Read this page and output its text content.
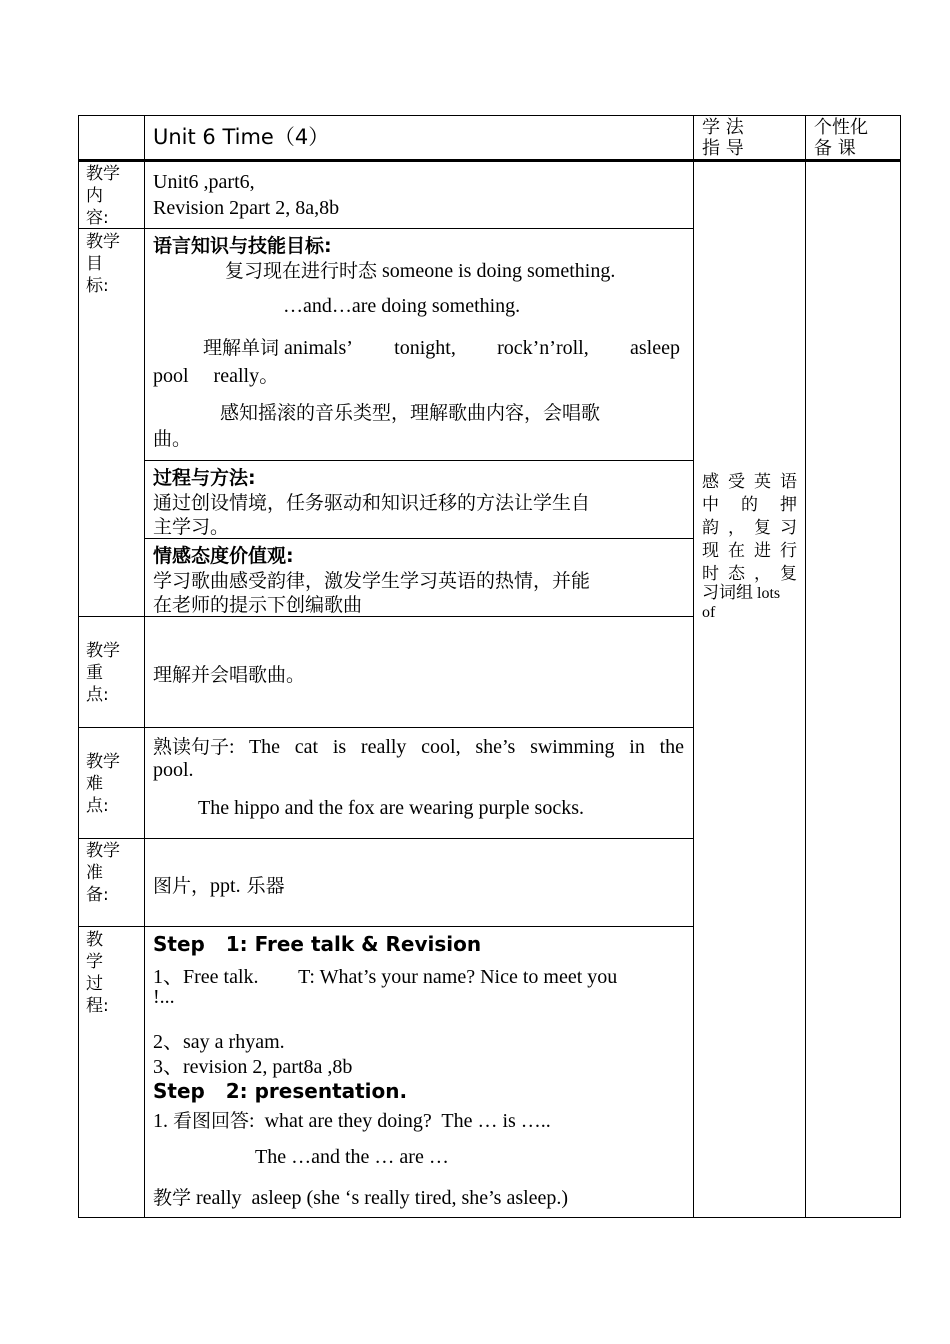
Unit 6 Time（4）	学 法
指 导
个性化
备 课
教学
内
容:
Unit6 ,part6,
Revision 2part 2, 8a,8b
教学
目
标:
语言知识与技能目标:
复习现在进行时态 someone is doing something.
…and…are doing something.
理解单词 animals’ tonight, rock’n’roll, asleep
pool     really。
感知摇滚的音乐类型，理解歌曲内容，会唱歌
曲。
过程与方法:
通过创设情境，任务驱动和知识迁移的方法让学生自
主学习。
情感态度价值观:
学习歌曲感受韵律，激发学生学习英语的热情，并能
在老师的提示下创编歌曲
感受英语
中的押
韵，复习
现在进行
时态，复
习词组 lots
of
教学
重
点:
理解并会唱歌曲。
教学
难
点:
熟读句子 : The cat is really cool, she’s swimming in the
pool.
The hippo and the fox are wearing purple socks.
教学
准
备: 图片，ppt. 乐器
教
学
过
程:
Step   1: Free talk & Revision
1、Free talk.        T: What’s your name? Nice to meet you
!...
2、say a rhyam.
3、revision 2, part8a ,8b
Step   2: presentation.
1. 看图回答:  what are they doing?  The … is …..
The …and the … are …
教学 really  asleep (she ‘s really tired, she’s asleep.)
